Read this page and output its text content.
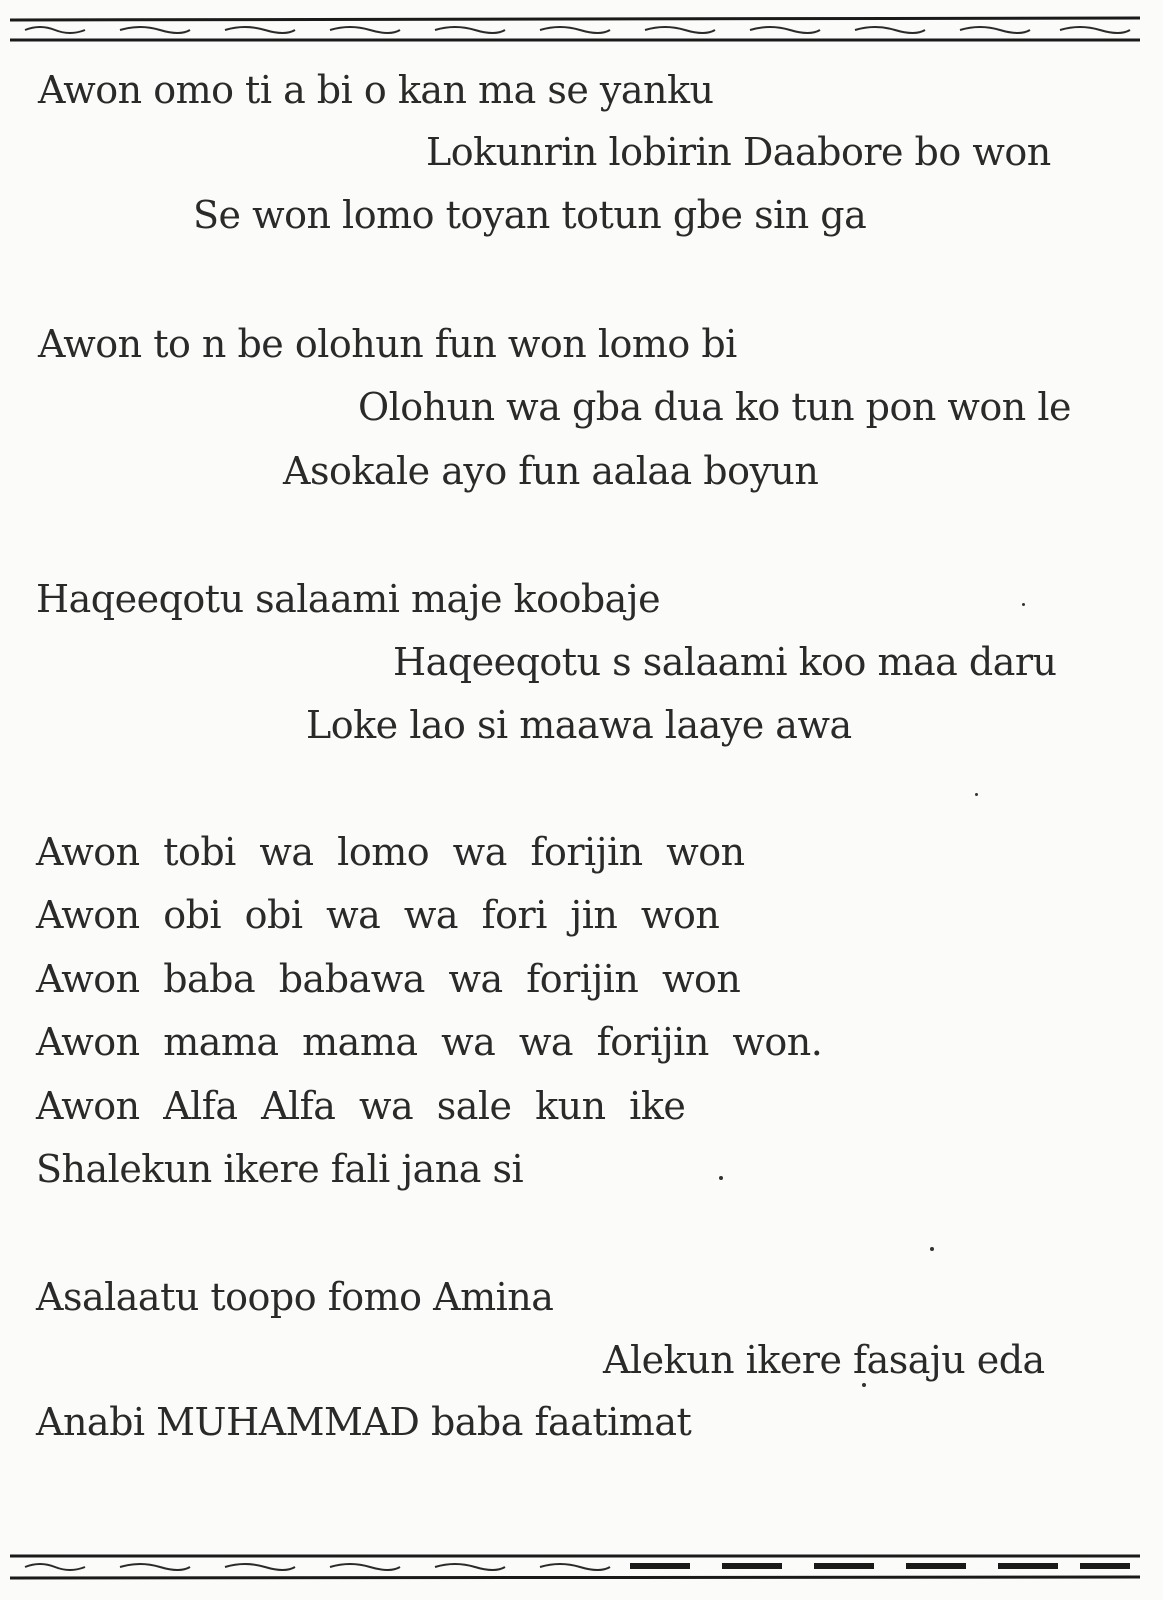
Awon omo ti a bi o kan ma se yanku
Lokunrin lobirin Daabore bo won
Se won lomo toyan totun gbe sin ga
Awon to n be olohun fun won lomo bi
Olohun wa gba dua ko tun pon won le
Asokale ayo fun aalaa boyun
Haqeeqotu salaami maje koobaje
Haqeeqotu s salaami koo maa daru
Loke lao si maawa laaye awa
Awon tobi wa lomo wa forijin won
Awon obi obi wa wa fori jin won
Awon baba babawa wa forijin won
Awon mama mama wa wa forijin won.
Awon Alfa Alfa wa sale kun ike
Shalekun ikere fali jana si
Asalaatu toopo fomo Amina
Alekun ikere fasaju eda
Anabi MUHAMMAD baba faatimat
